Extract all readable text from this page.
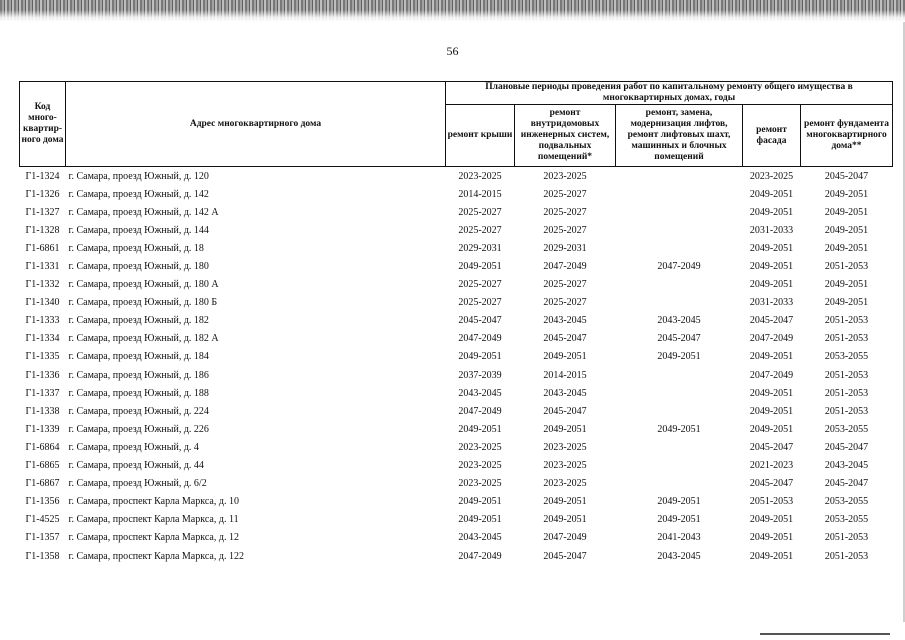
56
Код много-квартир-ного дома	Адрес многоквартирного дома	Плановые периоды проведения работ по капитальному ремонту общего имущества в многоквартирных домах, годы				
		ремонт крыши	ремонт внутридомовых инженерных систем, подвальных помещений*	ремонт, замена, модернизация лифтов, ремонт лифтовых шахт, машинных и блочных помещений	ремонт фасада	ремонт фундамента многоквартирного дома**
Г1-1324	г. Самара, проезд Южный, д. 120	2023-2025	2023-2025		2023-2025	2045-2047
Г1-1326	г. Самара, проезд Южный, д. 142	2014-2015	2025-2027		2049-2051	2049-2051
Г1-1327	г. Самара, проезд Южный, д. 142 А	2025-2027	2025-2027		2049-2051	2049-2051
Г1-1328	г. Самара, проезд Южный, д. 144	2025-2027	2025-2027		2031-2033	2049-2051
Г1-6861	г. Самара, проезд Южный, д. 18	2029-2031	2029-2031		2049-2051	2049-2051
Г1-1331	г. Самара, проезд Южный, д. 180	2049-2051	2047-2049	2047-2049	2049-2051	2051-2053
Г1-1332	г. Самара, проезд Южный, д. 180 А	2025-2027	2025-2027		2049-2051	2049-2051
Г1-1340	г. Самара, проезд Южный, д. 180 Б	2025-2027	2025-2027		2031-2033	2049-2051
Г1-1333	г. Самара, проезд Южный, д. 182	2045-2047	2043-2045	2043-2045	2045-2047	2051-2053
Г1-1334	г. Самара, проезд Южный, д. 182 А	2047-2049	2045-2047	2045-2047	2047-2049	2051-2053
Г1-1335	г. Самара, проезд Южный, д. 184	2049-2051	2049-2051	2049-2051	2049-2051	2053-2055
Г1-1336	г. Самара, проезд Южный, д. 186	2037-2039	2014-2015		2047-2049	2051-2053
Г1-1337	г. Самара, проезд Южный, д. 188	2043-2045	2043-2045		2049-2051	2051-2053
Г1-1338	г. Самара, проезд Южный, д. 224	2047-2049	2045-2047		2049-2051	2051-2053
Г1-1339	г. Самара, проезд Южный, д. 226	2049-2051	2049-2051	2049-2051	2049-2051	2053-2055
Г1-6864	г. Самара, проезд Южный, д. 4	2023-2025	2023-2025		2045-2047	2045-2047
Г1-6865	г. Самара, проезд Южный, д. 44	2023-2025	2023-2025		2021-2023	2043-2045
Г1-6867	г. Самара, проезд Южный, д. 6/2	2023-2025	2023-2025		2045-2047	2045-2047
Г1-1356	г. Самара, проспект Карла Маркса, д. 10	2049-2051	2049-2051	2049-2051	2051-2053	2053-2055
Г1-4525	г. Самара, проспект Карла Маркса, д. 11	2049-2051	2049-2051	2049-2051	2049-2051	2053-2055
Г1-1357	г. Самара, проспект Карла Маркса, д. 12	2043-2045	2047-2049	2041-2043	2049-2051	2051-2053
Г1-1358	г. Самара, проспект Карла Маркса, д. 122	2047-2049	2045-2047	2043-2045	2049-2051	2051-2053
